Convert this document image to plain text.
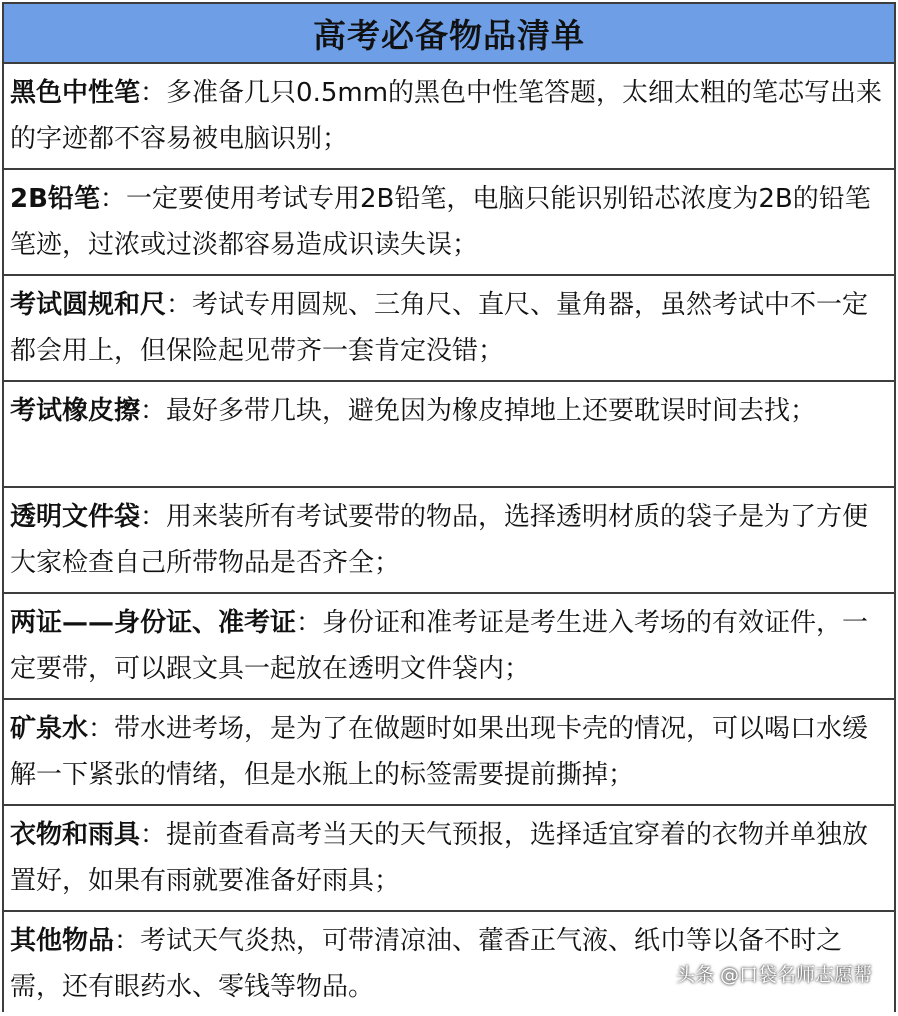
高考必备物品清单
黑色中性笔：多准备几只0.5mm的黑色中性笔答题，太细太粗的笔芯写出来的字迹都不容易被电脑识别；
2B铅笔：一定要使用考试专用2B铅笔，电脑只能识别铅芯浓度为2B的铅笔笔迹，过浓或过淡都容易造成识读失误；
考试圆规和尺：考试专用圆规、三角尺、直尺、量角器，虽然考试中不一定都会用上，但保险起见带齐一套肯定没错；
考试橡皮擦：最好多带几块，避免因为橡皮掉地上还要耽误时间去找；
透明文件袋：用来装所有考试要带的物品，选择透明材质的袋子是为了方便大家检查自己所带物品是否齐全；
两证——身份证、准考证：身份证和准考证是考生进入考场的有效证件，一定要带，可以跟文具一起放在透明文件袋内；
矿泉水：带水进考场，是为了在做题时如果出现卡壳的情况，可以喝口水缓解一下紧张的情绪，但是水瓶上的标签需要提前撕掉；
衣物和雨具：提前查看高考当天的天气预报，选择适宜穿着的衣物并单独放置好，如果有雨就要准备好雨具；
其他物品：考试天气炎热，可带清凉油、藿香正气液、纸巾等以备不时之需，还有眼药水、零钱等物品。	头条 @口袋名师志愿帮
